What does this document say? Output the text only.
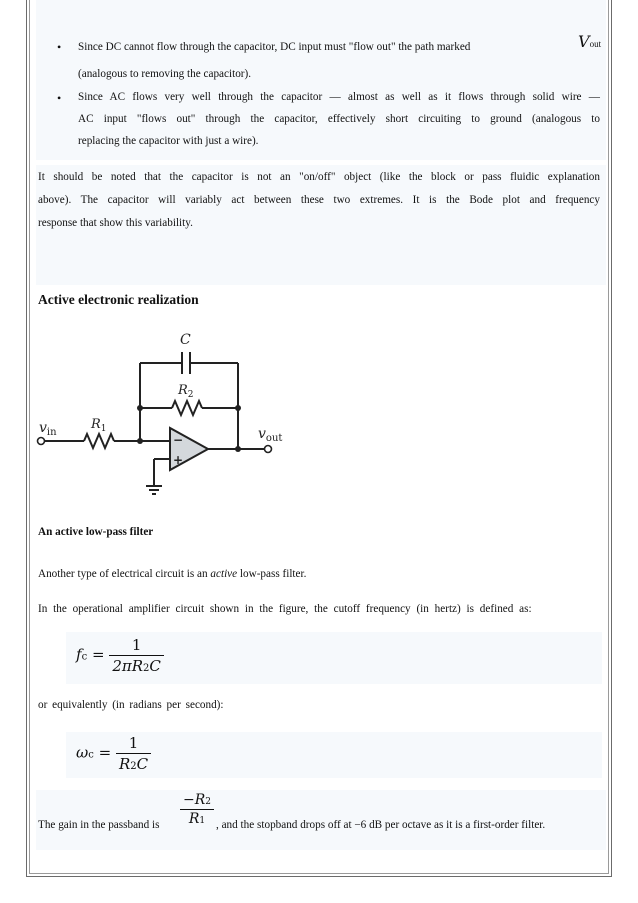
• Since DC cannot flow through the capacitor, DC input must "flow out" the path marked	Vout
(analogous to removing the capacitor).
• Since AC flows very well through the capacitor — almost as well as it flows through solid wire —
AC input "flows out" through the capacitor, effectively short circuiting to ground (analogous to
replacing the capacitor with just a wire).
It should be noted that the capacitor is not an "on/off" object (like the block or pass fluidic explanation
above). The capacitor will variably act between these two extremes. It is the Bode plot and frequency
response that show this variability.
Active electronic realization
C
$R_2$
$R_1$
$v_{in}$	$v_{out}$
−
+
An active low-pass filter
Another type of electrical circuit is an active low-pass filter.
In the operational amplifier circuit shown in the figure, the cutoff frequency (in hertz) is defined as:
fc = $\frac{1}{2\pi R2C}$
or equivalently (in radians per second):
$\omega c = \frac{1}{R2C}$
The gain in the passband is $\frac{-R2}{R1}$ , and the stopband drops off at −6 dB per octave as it is a first-order filter.
